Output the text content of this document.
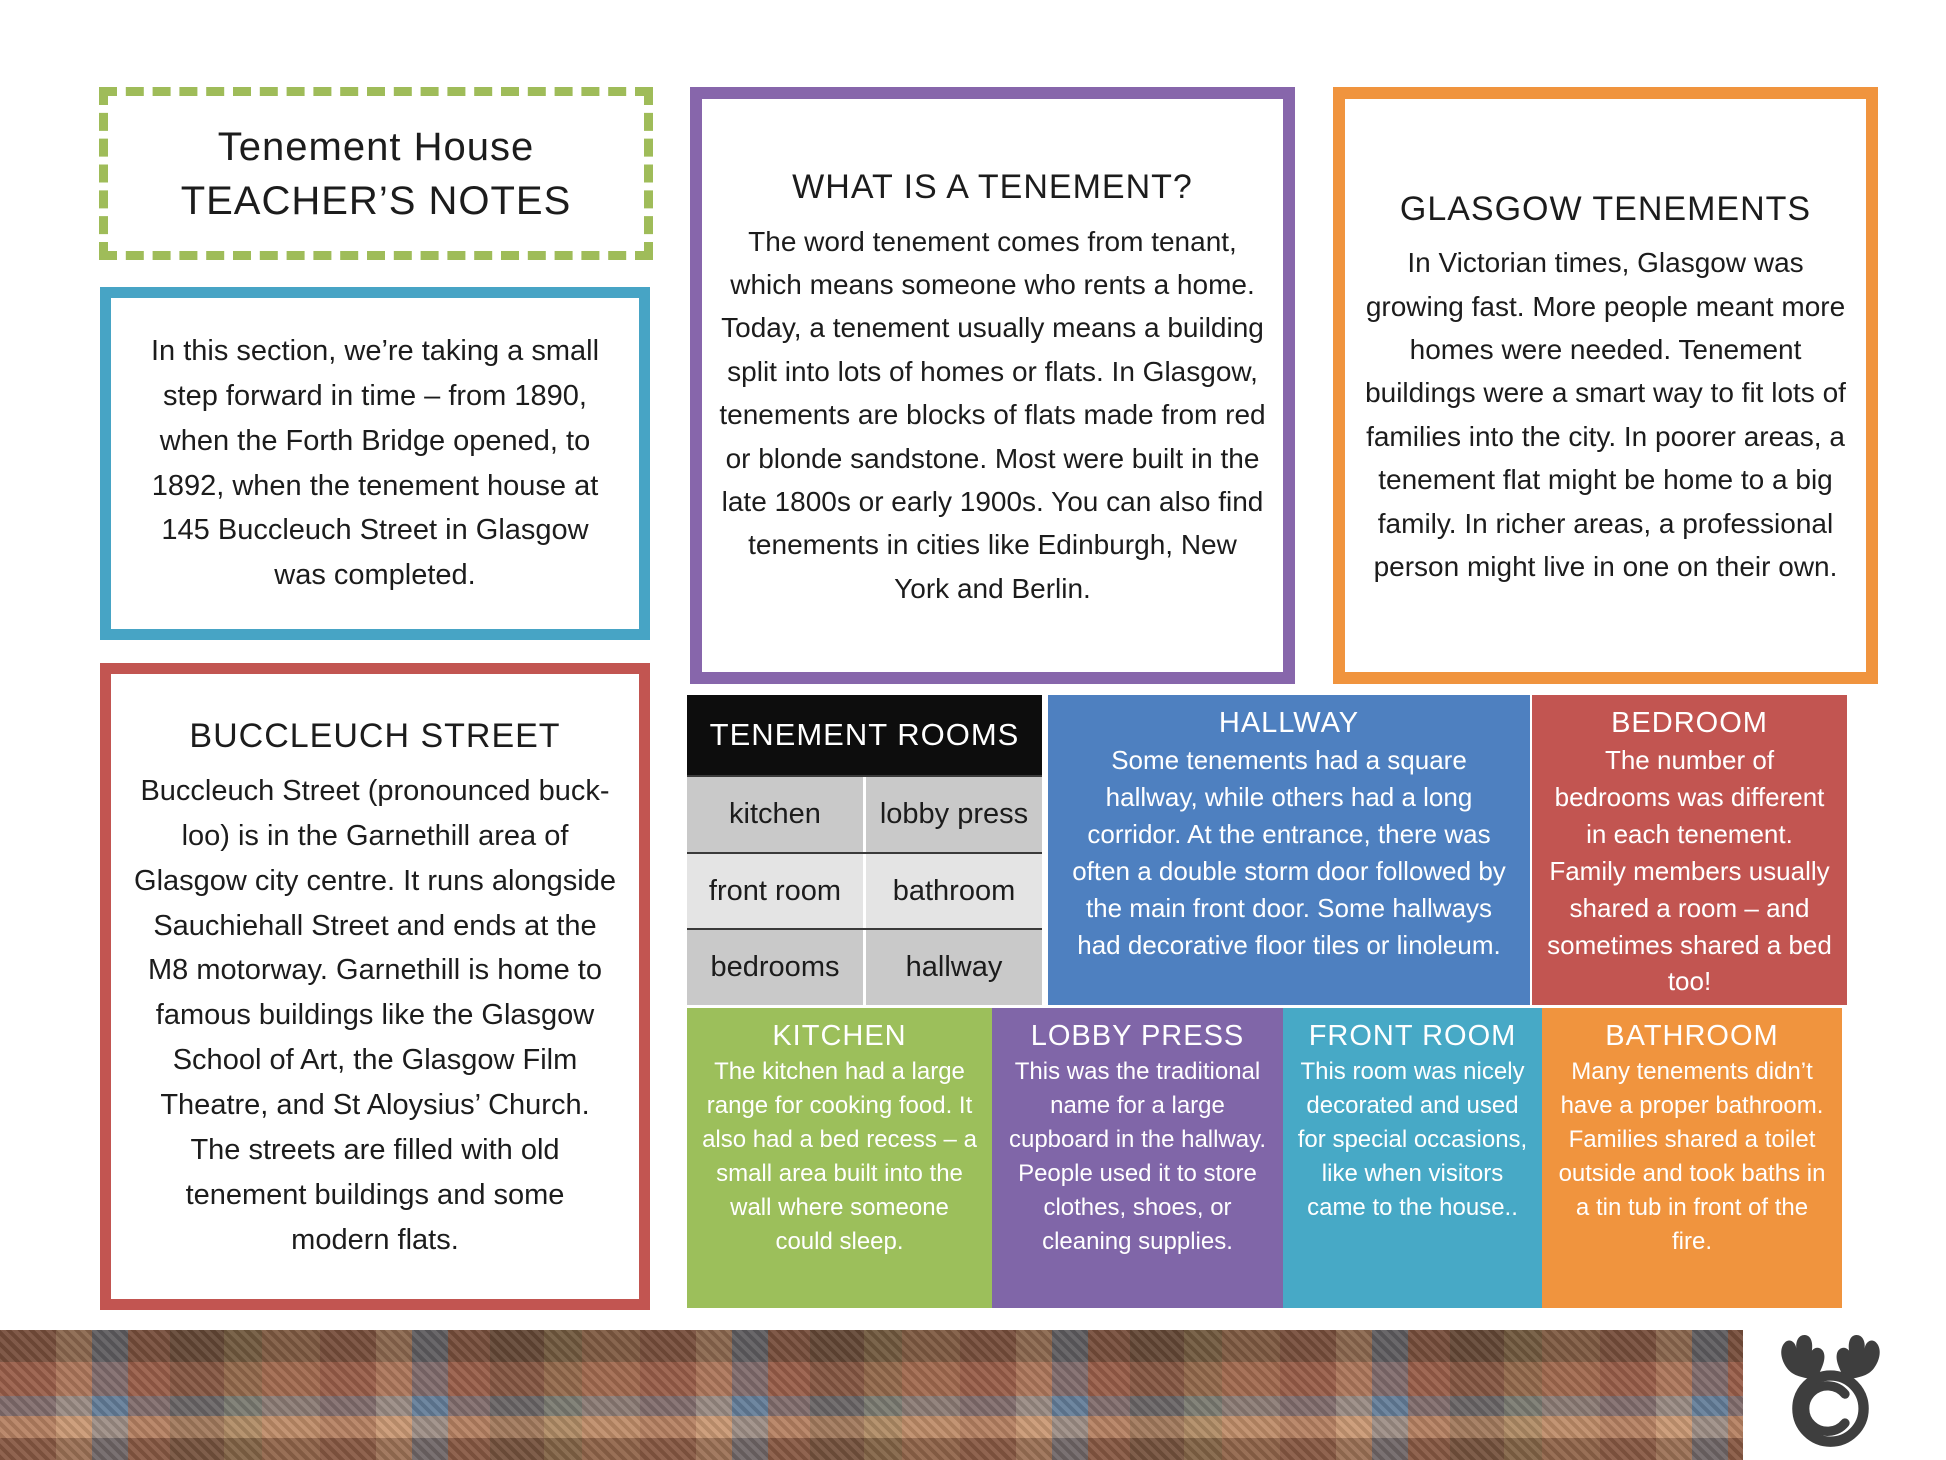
Tenement House
TEACHER’S NOTES
In this section, we’re taking a small step forward in time – from 1890, when the Forth Bridge opened, to 1892, when the tenement house at 145 Buccleuch Street in Glasgow was completed.
BUCCLEUCH STREET
Buccleuch Street (pronounced buck-loo) is in the Garnethill area of Glasgow city centre. It runs alongside Sauchiehall Street and ends at the M8 motorway. Garnethill is home to famous buildings like the Glasgow School of Art, the Glasgow Film Theatre, and St Aloysius’ Church. The streets are filled with old tenement buildings and some modern flats.
WHAT IS A TENEMENT?
The word tenement comes from tenant, which means someone who rents a home. Today, a tenement usually means a building split into lots of homes or flats. In Glasgow, tenements are blocks of flats made from red or blonde sandstone. Most were built in the late 1800s or early 1900s. You can also find tenements in cities like Edinburgh, New York and Berlin.
GLASGOW TENEMENTS
In Victorian times, Glasgow was growing fast. More people meant more homes were needed. Tenement buildings were a smart way to fit lots of families into the city. In poorer areas, a tenement flat might be home to a big family. In richer areas, a professional person might live in one on their own.
TENEMENT ROOMS
kitchen	lobby press
front room	bathroom
bedrooms	hallway
HALLWAY
Some tenements had a square hallway, while others had a long corridor. At the entrance, there was often a double storm door followed by the main front door. Some hallways had decorative floor tiles or linoleum.
BEDROOM
The number of bedrooms was different in each tenement. Family members usually shared a room – and sometimes shared a bed too!
KITCHEN
The kitchen had a large range for cooking food. It also had a bed recess – a small area built into the wall where someone could sleep.
LOBBY PRESS
This was the traditional name for a large cupboard in the hallway. People used it to store clothes, shoes, or cleaning supplies.
FRONT ROOM
This room was nicely decorated and used for special occasions, like when visitors came to the house..
BATHROOM
Many tenements didn’t have a proper bathroom. Families shared a toilet outside and took baths in a tin tub in front of the fire.
